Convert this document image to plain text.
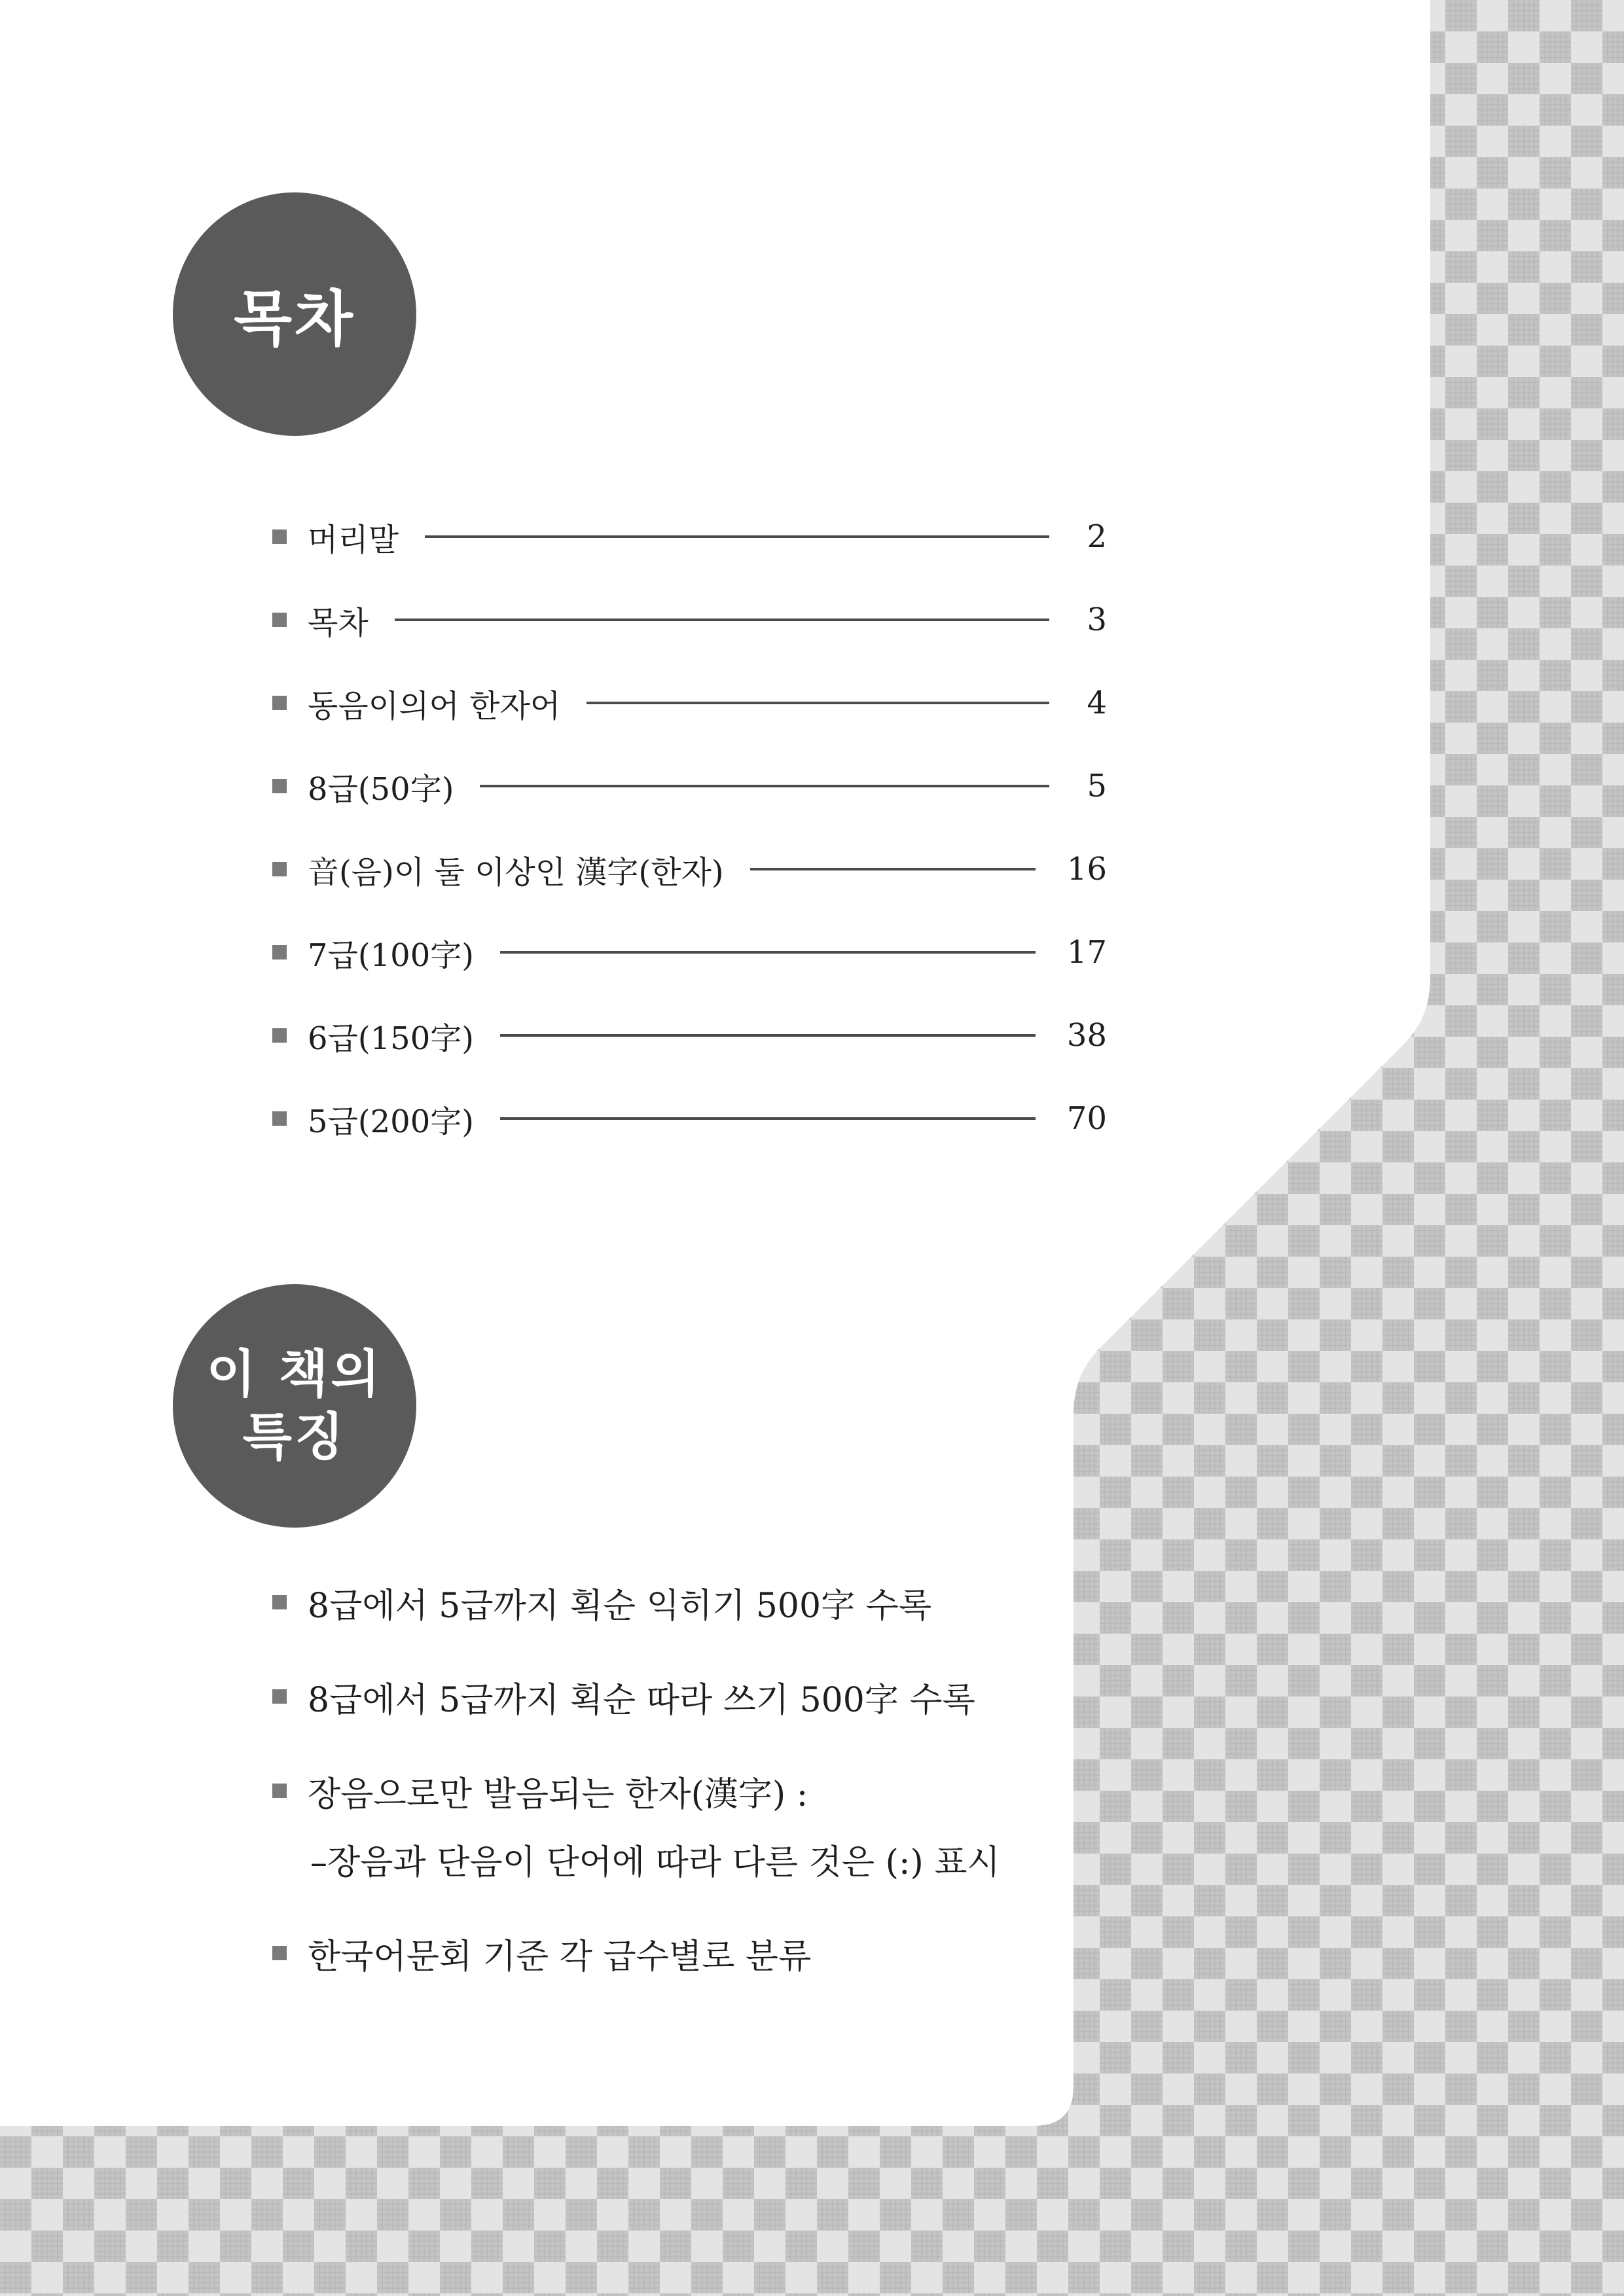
목차
머리말	2
목차	3
동음이의어 한자어	4
8급(50字)	5
音(음)이 둘 이상인 漢字(한자)	16
7급(100字)	17
6급(150字)	38
5급(200字)	70
이 책의
특징
8급에서 5급까지 획순 익히기 500字 수록
8급에서 5급까지 획순 따라 쓰기 500字 수록
장음으로만 발음되는 한자(漢字) :
–장음과 단음이 단어에 따라 다른 것은 (:) 표시
한국어문회 기준 각 급수별로 분류
